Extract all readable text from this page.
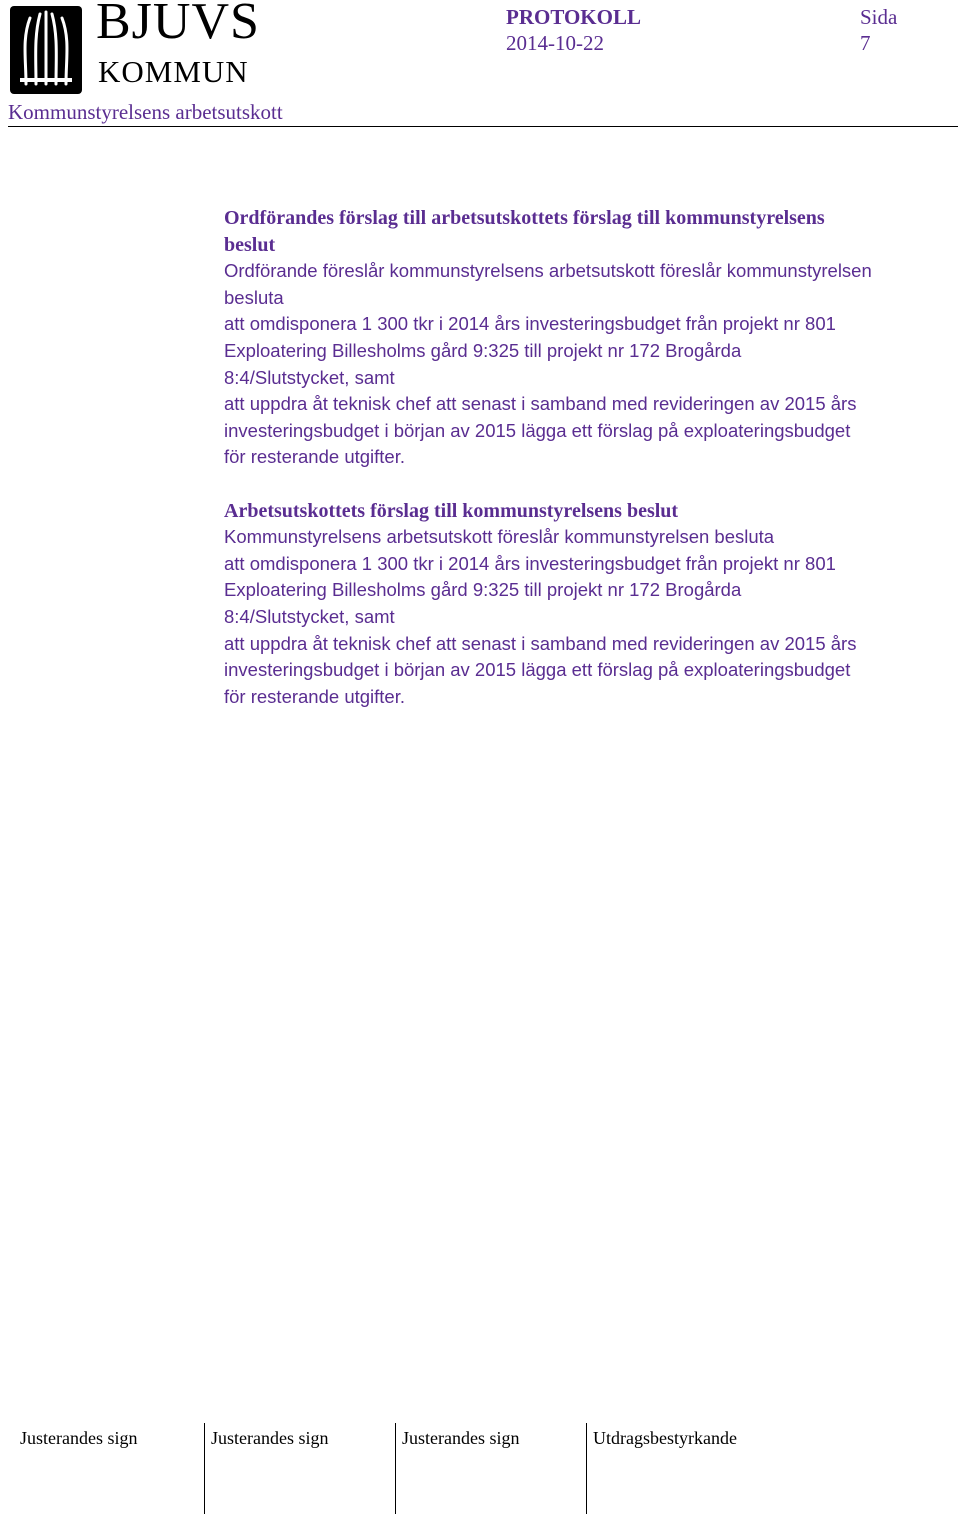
BJUVS
KOMMUN
PROTOKOLL	Sida
2014-10-22	7
Kommunstyrelsens arbetsutskott

Ordförandes förslag till arbetsutskottets förslag till kommunstyrelsens

beslut

Ordförande föreslår kommunstyrelsens arbetsutskott föreslår kommunstyrelsen

besluta

att omdisponera 1 300 tkr i 2014 års investeringsbudget från projekt nr 801

Exploatering Billesholms gård 9:325 till projekt nr 172 Brogårda

8:4/Slutstycket, samt

att uppdra åt teknisk chef att senast i samband med revideringen av 2015 års

investeringsbudget i början av 2015 lägga ett förslag på exploateringsbudget

för resterande utgifter.

Arbetsutskottets förslag till kommunstyrelsens beslut

Kommunstyrelsens arbetsutskott föreslår kommunstyrelsen besluta

att omdisponera 1 300 tkr i 2014 års investeringsbudget från projekt nr 801

Exploatering Billesholms gård 9:325 till projekt nr 172 Brogårda

8:4/Slutstycket, samt

att uppdra åt teknisk chef att senast i samband med revideringen av 2015 års

investeringsbudget i början av 2015 lägga ett förslag på exploateringsbudget

för resterande utgifter.

Justerandes sign	Justerandes sign	Justerandes sign	Utdragsbestyrkande
